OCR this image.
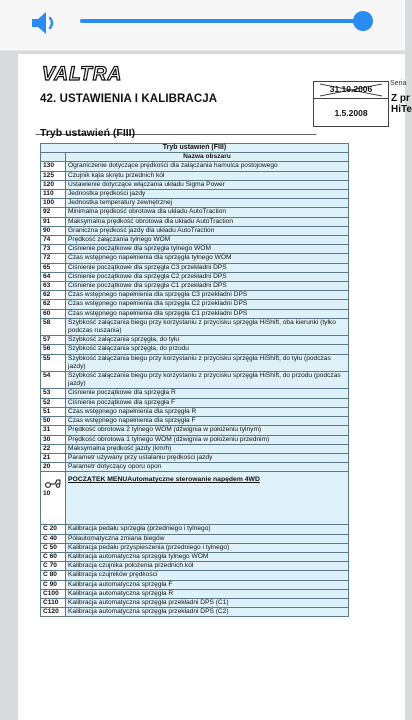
VALTRA
42. USTAWIENIA I KALIBRACJA
31.10.2006
1.5.2008
Seria
Z pr
HiTe
Tryb ustawień (FIII)
Tryb ustawień (FIII)	
	Nazwa obszaru
130	Ograniczenie dotyczące prędkości dla załączania hamulca postojowego
125	Czujnik kąta skrętu przednich kół
120	Ustawienie dotyczące włączania układu Sigma Power
110	Jednostka prędkości jazdy
100	Jednostka temperatury zewnętrznej
92	Minimalna prędkość obrotowa dla układu AutoTraction
91	Maksymalna prędkość obrotowa dla układu AutoTraction
90	Graniczna prędkość jazdy dla układu AutoTraction
74	Prędkość załączania tylnego WOM
73	Ciśnienie początkowe dla sprzęgła tylnego WOM
72	Czas wstępnego napełnienia dla sprzęgła tylnego WOM
65	Ciśnienie początkowe dla sprzęgła C3 przekładni DPS
64	Ciśnienie początkowe dla sprzęgła C2 przekładni DPS
63	Ciśnienie początkowe dla sprzęgła C1 przekładni DPS
62	Czas wstępnego napełnienia dla sprzęgła C3 przekładni DPS
62	Czas wstępnego napełnienia dla sprzęgła C2 przekładni DPS
60	Czas wstępnego napełnienia dla sprzęgła C1 przekładni DPS
58	Szybkość załączania biegu przy korzystaniu z przycisku sprzęgła HiShift, oba kierunki (tylko podczas ruszania)
57	Szybkość załączania sprzęgła, do tyłu
56	Szybkość załączania sprzęgła, do przodu
55	Szybkość załączania biegu przy korzystaniu z przycisku sprzęgła HiShift, do tyłu (podczas jazdy)
54	Szybkość załączania biegu przy korzystaniu z przycisku sprzęgła HiShift, do przodu (podczas jazdy)
53	Ciśnienie początkowe dla sprzęgła R
52	Ciśnienie początkowe dla sprzęgła F
51	Czas wstępnego napełnienia dla sprzęgła R
50	Czas wstępnego napełnienia dla sprzęgła F
31	Prędkość obrotowa 2 tylnego WOM (dźwignia w położeniu tylnym)
30	Prędkość obrotowa 1 tylnego WOM (dźwignia w położeniu przednim)
22	Maksymalna prędkość jazdy (km/h)
21	Parametr używany przy ustalaniu prędkości jazdy
20	Parametr dotyczący oporu opon

10	POCZĄTEK MENUAutomatyczne sterowanie napędem 4WD
C 20	Kalibracja pedału sprzęgła (przedniego i tylnego)
C 40	Półautomatyczna zmiana biegów
C 50	Kalibracja pedału przyspieszenia (przedniego i tylnego)
C 60	Kalibracja automatyczna sprzęgła tylnego WOM
C 70	Kalibracja czujnika położenia przednich kół
C 80	Kalibracja czujników prędkości
C 90	Kalibracja automatyczna sprzęgła F
C100	Kalibracja automatyczna sprzęgła R
C110	Kalibracja automatyczna sprzęgła przekładni DPS (C1)
C120	Kalibracja automatyczna sprzęgła przekładni DPS (C2)
